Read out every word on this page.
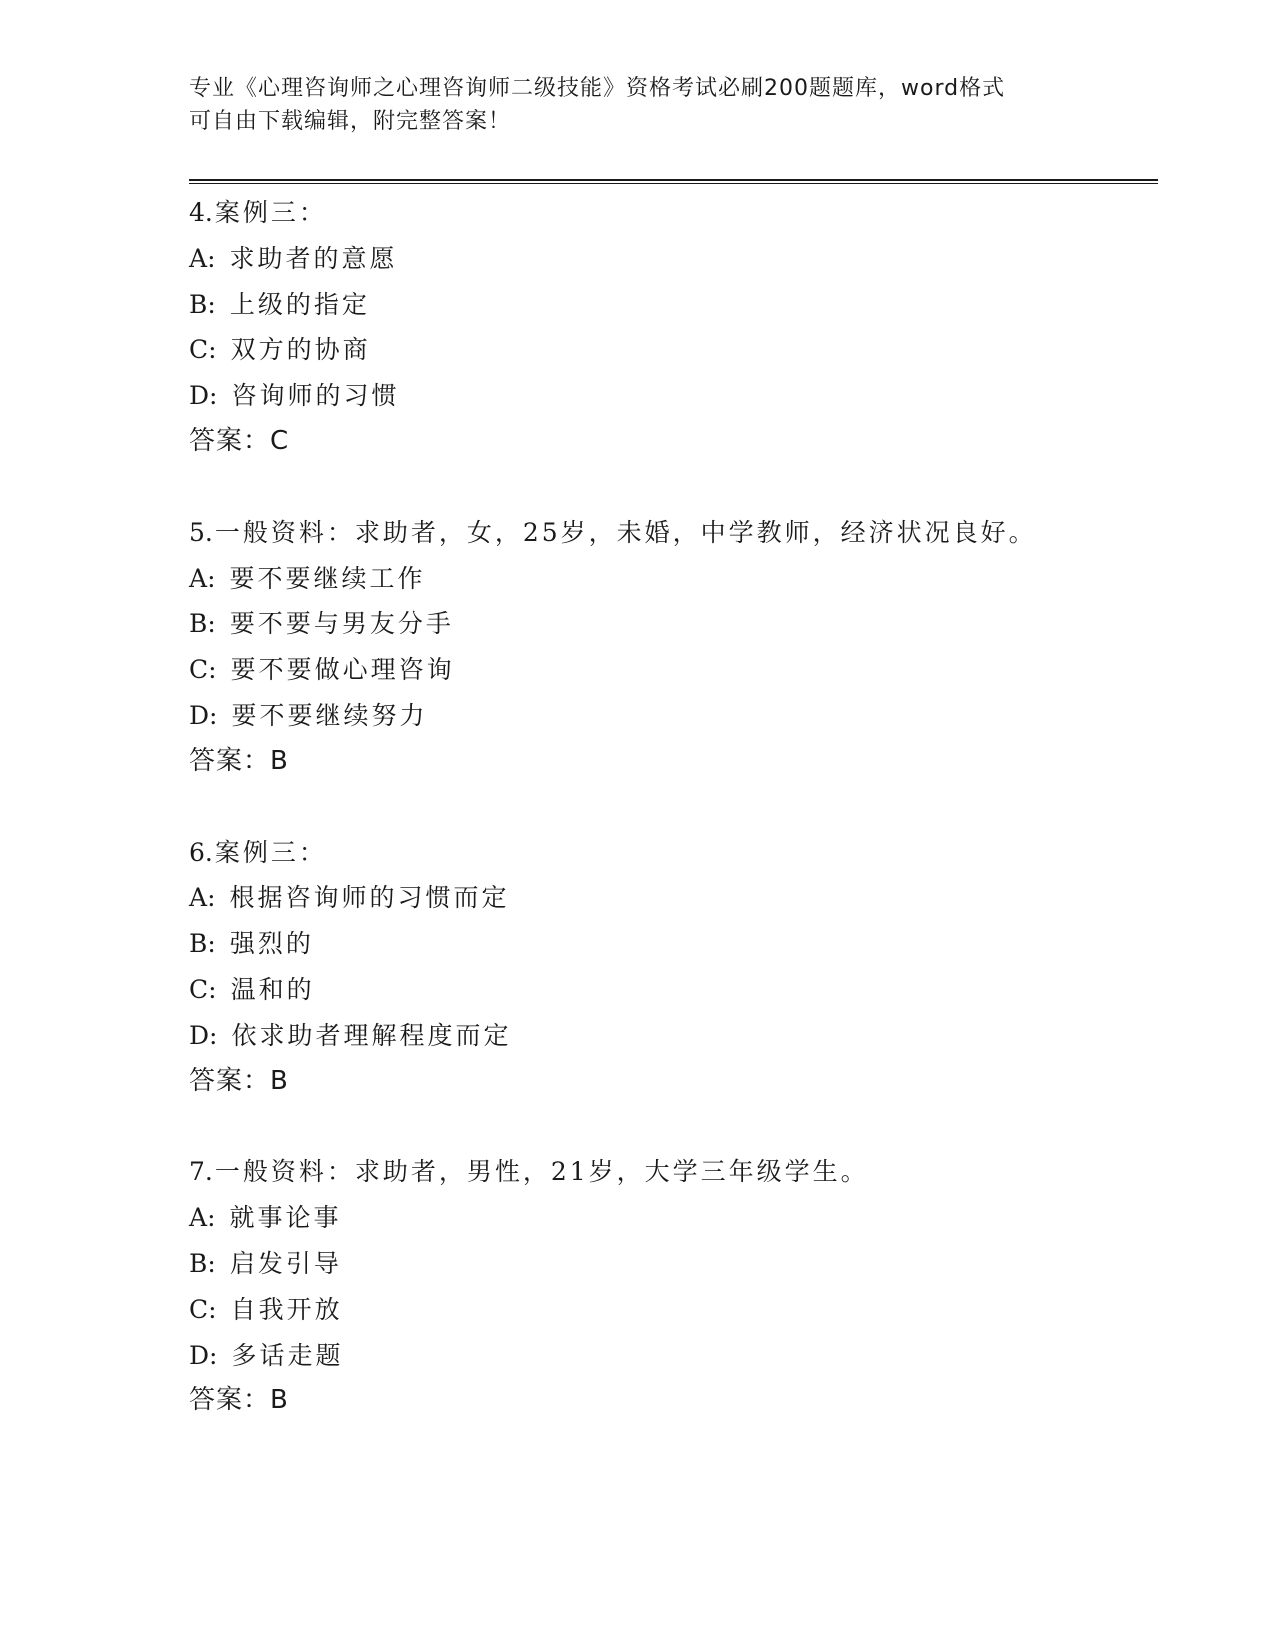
专业《心理咨询师之心理咨询师二级技能》资格考试必刷200题题库，word格式
可自由下载编辑，附完整答案！
4.案例三：
A: 求助者的意愿
B: 上级的指定
C: 双方的协商
D: 咨询师的习惯
答案：C
5.一般资料：求助者，女，25岁，未婚，中学教师，经济状况良好。
A: 要不要继续工作
B: 要不要与男友分手
C: 要不要做心理咨询
D: 要不要继续努力
答案：B
6.案例三：
A: 根据咨询师的习惯而定
B: 强烈的
C: 温和的
D: 依求助者理解程度而定
答案：B
7.一般资料：求助者，男性，21岁，大学三年级学生。
A: 就事论事
B: 启发引导
C: 自我开放
D: 多话走题
答案：B
